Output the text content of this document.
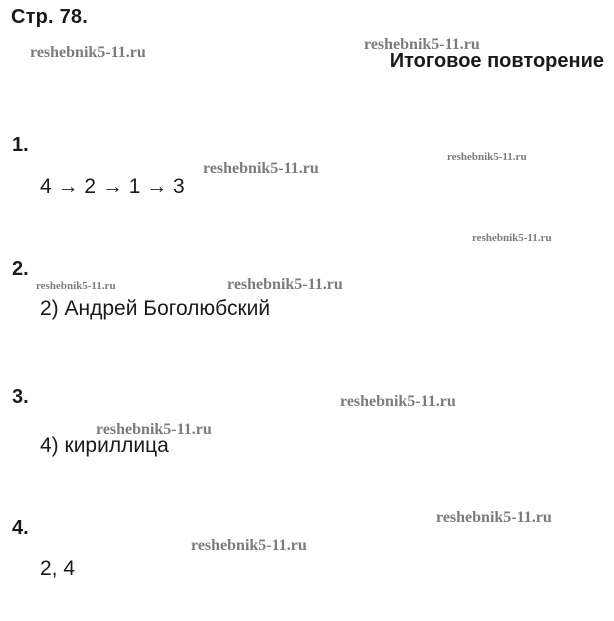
Стр. 78.
Итоговое повторение
1.
4 → 2 → 1 → 3
2.
2) Андрей Боголюбский
3.
4) кириллица
4.
2, 4
reshebnik5-11.ru	reshebnik5-11.ru
reshebnik5-11.ru
reshebnik5-11.ru
reshebnik5-11.ru
reshebnik5-11.ru	reshebnik5-11.ru
reshebnik5-11.ru
reshebnik5-11.ru
reshebnik5-11.ru
reshebnik5-11.ru
